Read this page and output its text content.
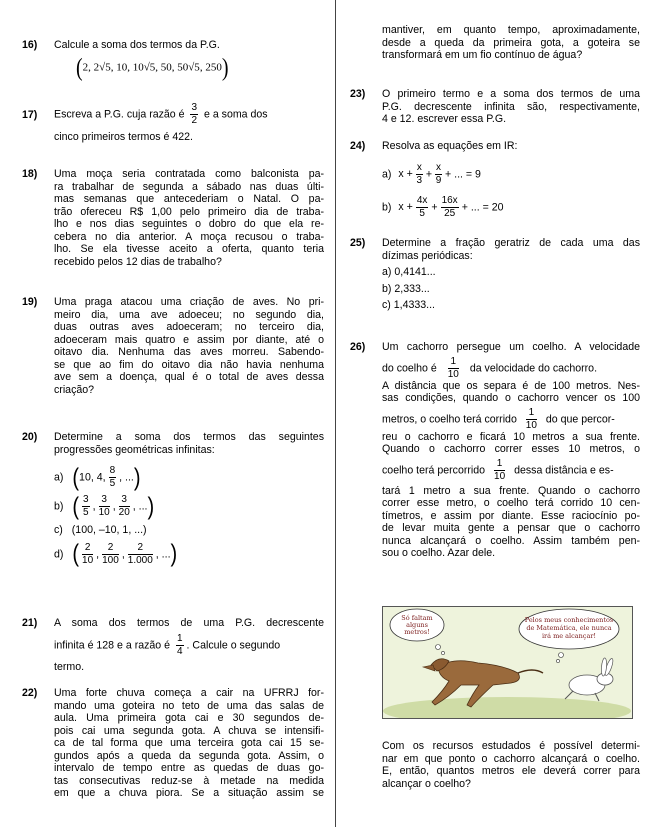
16) Calcule a soma dos termos da P.G.
(2, 2√5, 10, 10√5, 50, 50√5, 250)
17) Escreva a P.G. cuja razão é $\frac{3}{2}$ e a soma dos
cinco primeiros termos é 422.
18) Uma moça seria contratada como balconista pa-
ra trabalhar de segunda a sábado nas duas últi-
mas semanas que antecederiam o Natal. O pa-
trão ofereceu R$ 1,00 pelo primeiro dia de traba-
lho e nos dias seguintes o dobro do que ela re-
cebera no dia anterior. A moça recusou o traba-
lho. Se ela tivesse aceito a oferta, quanto teria
recebido pelos 12 dias de trabalho?
19) Uma praga atacou uma criação de aves. No pri-
meiro dia, uma ave adoeceu; no segundo dia,
duas outras aves adoeceram; no terceiro dia,
adoeceram mais quatro e assim por diante, até o
oitavo dia. Nenhuma das aves morreu. Sabendo-
se que ao fim do oitavo dia não havia nenhuma
ave sem a doença, qual é o total de aves dessa
criação?
20) Determine a soma dos termos das seguintes
progressões geométricas infinitas:
a) (10, 4, $\frac{8}{5}$ , ...)
b) ( $\frac{3}{5}$ , $\frac{3}{10}$ , $\frac{3}{20}$ , ...)
c) (100, –10, 1, ...)
d) ( $\frac{2}{10}$ , $\frac{2}{100}$ , $\frac{2}{1.000}$ , ...)
21) A soma dos termos de uma P.G. decrescente
infinita é 128 e a razão é $\frac{1}{4}$ . Calcule o segundo
termo.
22) Uma forte chuva começa a cair na UFRRJ for-
mando uma goteira no teto de uma das salas de
aula. Uma primeira gota cai e 30 segundos de-
pois cai uma segunda gota. A chuva se intensifi-
ca de tal forma que uma terceira gota cai 15 se-
gundos após a queda da segunda gota. Assim, o
intervalo de tempo entre as quedas de duas go-
tas consecutivas reduz-se à metade na medida
em que a chuva piora. Se a situação assim se
mantiver, em quanto tempo, aproximadamente,
desde a queda da primeira gota, a goteira se
transformará em um fio contínuo de água?
23) O primeiro termo e a soma dos termos de uma
P.G. decrescente infinita são, respectivamente,
4 e 12. escrever essa P.G.
24) Resolva as equações em IR:
a) $x + \frac{x}{3} + \frac{x}{9}$ + ... = 9
b) $x + \frac{4x}{5} + \frac{16x}{25}$ + ... = 20
25) Determine a fração geratriz de cada uma das
dízimas periódicas:
a) 0,4141...
b) 2,333...
c) 1,4333...
26) Um cachorro persegue um coelho. A velocidade
do coelho é $\frac{1}{10}$ da velocidade do cachorro.
A distância que os separa é de 100 metros. Nes-
sas condições, quando o cachorro vencer os 100
metros, o coelho terá corrido $\frac{1}{10}$ do que percor-
reu o cachorro e ficará 10 metros a sua frente.
Quando o cachorro correr esses 10 metros, o
coelho terá percorrido $\frac{1}{10}$ dessa distância e es-
tará 1 metro a sua frente. Quando o cachorro
correr esse metro, o coelho terá corrido 10 cen-
tímetros, e assim por diante. Esse raciocínio po-
de levar muita gente a pensar que o cachorro
nunca alcançará o coelho. Assim também pen-
sou o coelho. Azar dele.
Só faltam
alguns
metros!
Pelos meus conhecimentos
de Matemática, ele nunca
irá me alcançar!
Com os recursos estudados é possível determi-
nar em que ponto o cachorro alcançará o coelho.
E, então, quantos metros ele deverá correr para
alcançar o coelho?
